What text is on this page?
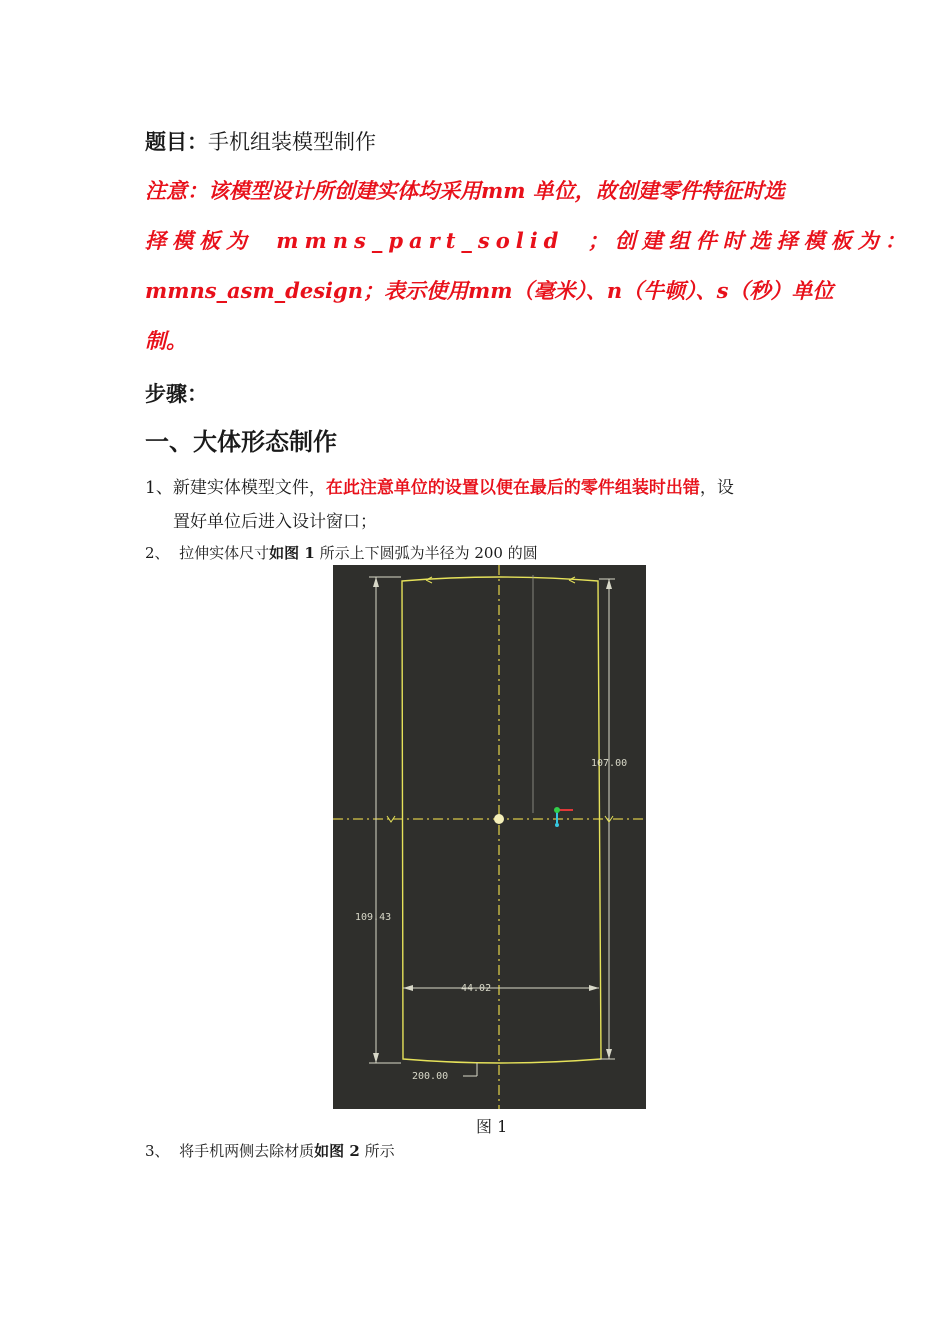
题目：手机组装模型制作
注意：该模型设计所创建实体均采用mm 单位，故创建零件特征时选
择模板为 mmns_part_solid ；创建组件时选择模板为：
mmns_asm_design；表示使用mm（毫米）、n（牛顿）、s（秒）单位
制。
步骤：
一、大体形态制作
1、新建实体模型文件，在此注意单位的设置以便在最后的零件组装时出错，设
置好单位后进入设计窗口；
2、 拉伸实体尺寸如图 1 所示上下圆弧为半径为 200 的圆
107.00
109.43
44.02
200.00
图 1
3、 将手机两侧去除材质如图 2 所示
